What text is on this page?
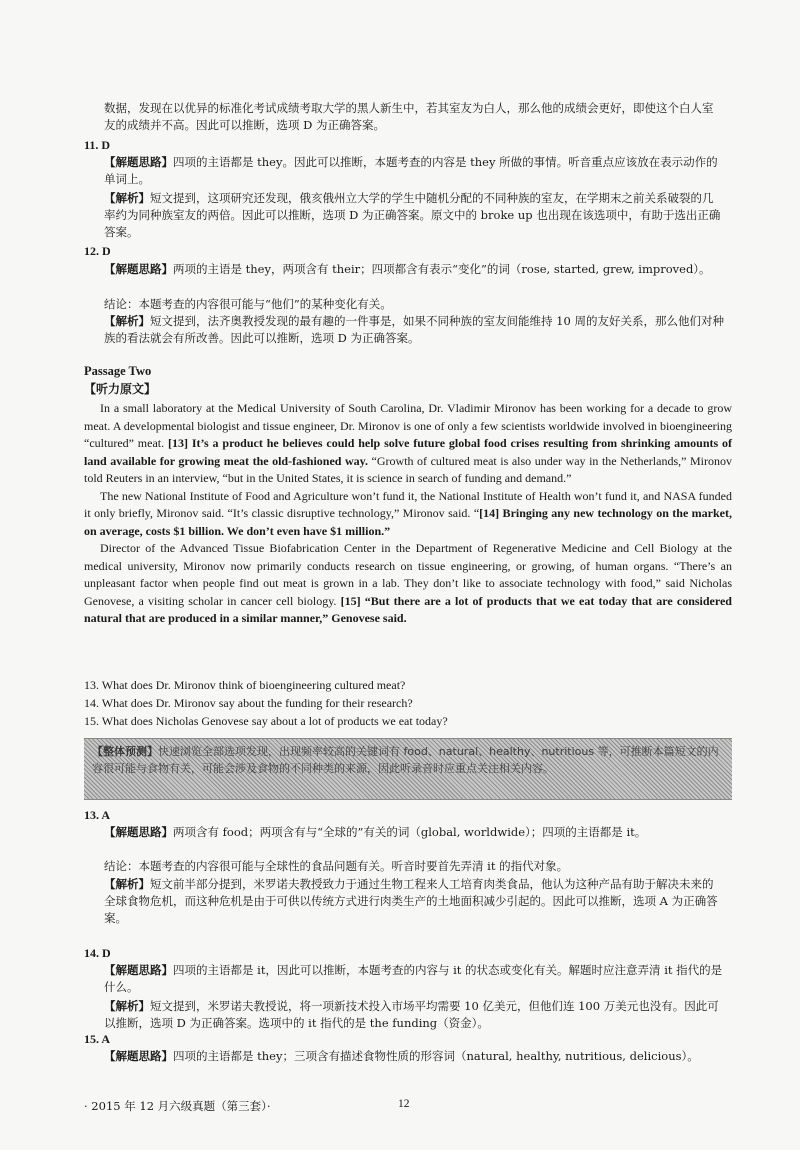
数据，发现在以优异的标准化考试成绩考取大学的黑人新生中，若其室友为白人，那么他的成绩会更好，即使这个白人室友的成绩并不高。因此可以推断，选项 D 为正确答案。
11. D
【解题思路】四项的主语都是 they。因此可以推断，本题考查的内容是 they 所做的事情。听音重点应该放在表示动作的单词上。
【解析】短文提到，这项研究还发现，俄亥俄州立大学的学生中随机分配的不同种族的室友，在学期末之前关系破裂的几率约为同种族室友的两倍。因此可以推断，选项 D 为正确答案。原文中的 broke up 也出现在该选项中，有助于选出正确答案。
12. D
【解题思路】两项的主语是 they，两项含有 their；四项都含有表示“变化”的词（rose, started, grew, improved）。
结论：本题考查的内容很可能与“他们”的某种变化有关。
【解析】短文提到，法齐奥教授发现的最有趣的一件事是，如果不同种族的室友间能维持 10 周的友好关系，那么他们对种族的看法就会有所改善。因此可以推断，选项 D 为正确答案。
Passage Two
【听力原文】

In a small laboratory at the Medical University of South Carolina, Dr. Vladimir Mironov has been working for a decade to grow meat. A developmental biologist and tissue engineer, Dr. Mironov is one of only a few scientists worldwide involved in bioengineering “cultured” meat. [13] It’s a product he believes could help solve future global food crises resulting from shrinking amounts of land available for growing meat the old-fashioned way. “Growth of cultured meat is also under way in the Netherlands,” Mironov told Reuters in an interview, “but in the United States, it is science in search of funding and demand.”

The new National Institute of Food and Agriculture won’t fund it, the National Institute of Health won’t fund it, and NASA funded it only briefly, Mironov said. “It’s classic disruptive technology,” Mironov said. “[14] Bringing any new technology on the market, on average, costs $1 billion. We don’t even have $1 million.”

Director of the Advanced Tissue Biofabrication Center in the Department of Regenerative Medicine and Cell Biology at the medical university, Mironov now primarily conducts research on tissue engineering, or growing, of human organs. “There’s an unpleasant factor when people find out meat is grown in a lab. They don’t like to associate technology with food,” said Nicholas Genovese, a visiting scholar in cancer cell biology. [15] “But there are a lot of products that we eat today that are considered natural that are produced in a similar manner,” Genovese said.

13. What does Dr. Mironov think of bioengineering cultured meat?
14. What does Dr. Mironov say about the funding for their research?
15. What does Nicholas Genovese say about a lot of products we eat today?
【整体预测】快速浏览全部选项发现，出现频率较高的关键词有 food、natural、healthy、nutritious 等，可推断本篇短文的内容很可能与食物有关，可能会涉及食物的不同种类的来源，因此听录音时应重点关注相关内容。
13. A
【解题思路】两项含有 food；两项含有与“全球的”有关的词（global, worldwide）；四项的主语都是 it。
结论：本题考查的内容很可能与全球性的食品问题有关。听音时要首先弄清 it 的指代对象。
【解析】短文前半部分提到，米罗诺夫教授致力于通过生物工程来人工培育肉类食品，他认为这种产品有助于解决未来的全球食物危机，而这种危机是由于可供以传统方式进行肉类生产的土地面积减少引起的。因此可以推断，选项 A 为正确答案。
14. D
【解题思路】四项的主语都是 it，因此可以推断，本题考查的内容与 it 的状态或变化有关。解题时应注意弄清 it 指代的是什么。
【解析】短文提到，米罗诺夫教授说，将一项新技术投入市场平均需要 10 亿美元，但他们连 100 万美元也没有。因此可以推断，选项 D 为正确答案。选项中的 it 指代的是 the funding（资金）。
15. A
【解题思路】四项的主语都是 they；三项含有描述食物性质的形容词（natural, healthy, nutritious, delicious）。
· 2015 年 12 月六级真题（第三套）·	12
